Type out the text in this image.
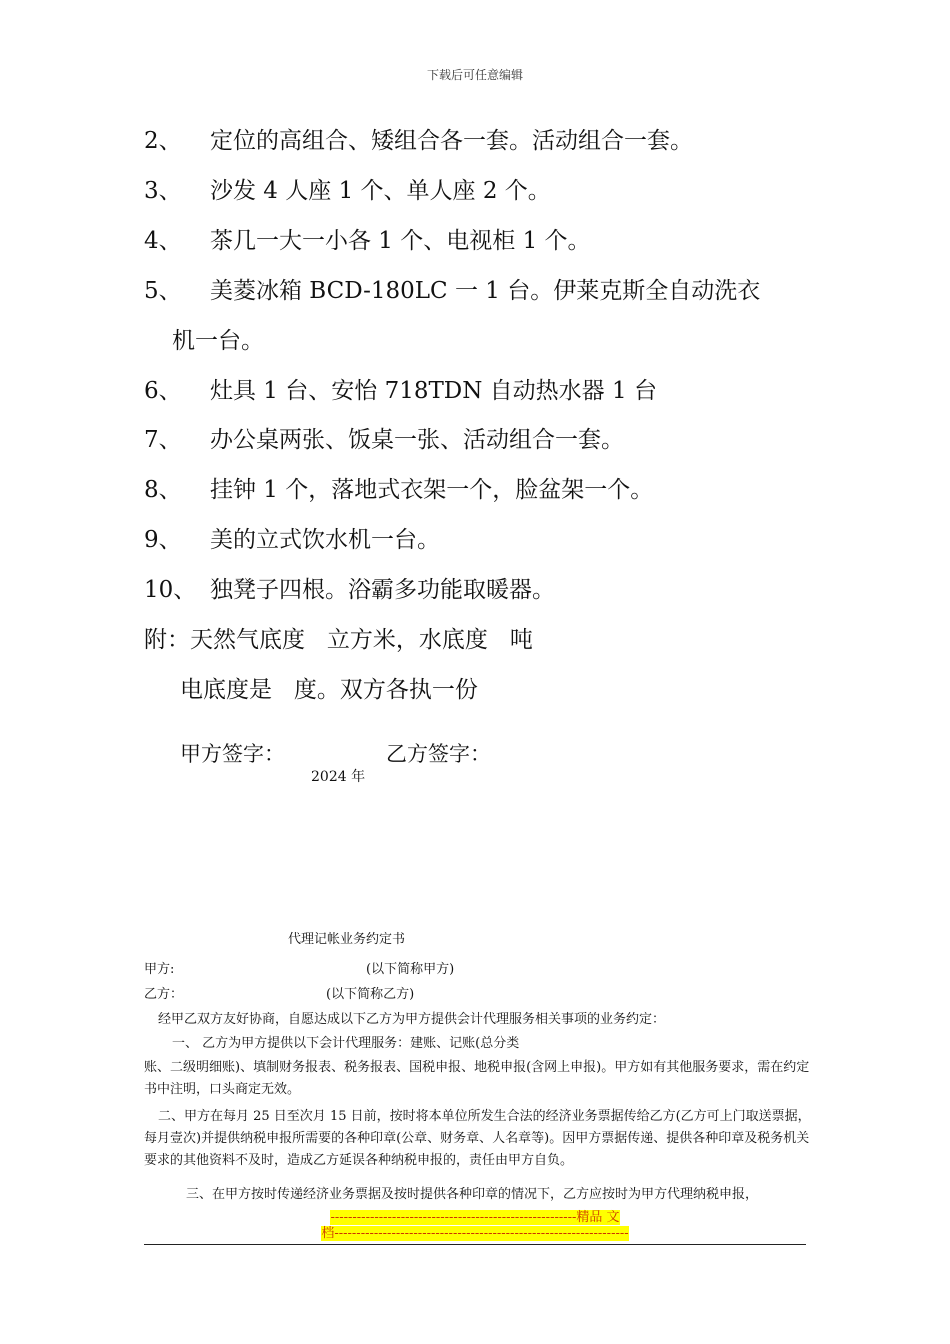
下载后可任意编辑
2、 定位的高组合、矮组合各一套。活动组合一套。
3、 沙发 4 人座 1 个、单人座 2 个。
4、 茶几一大一小各 1 个、电视柜 1 个。
5、 美菱冰箱 BCD-180LC 一 1 台。伊莱克斯全自动洗衣
机一台。
6、 灶具 1 台、安怡 718TDN 自动热水器 1 台
7、 办公桌两张、饭桌一张、活动组合一套。
8、 挂钟 1 个，落地式衣架一个，脸盆架一个。
9、 美的立式饮水机一台。
10、 独凳子四根。浴霸多功能取暖器。
附：天然气底度   立方米，水底度   吨
电底度是   度。双方各执一份
甲方签字：	乙方签字：
2024 年
代理记帐业务约定书
甲方:	(以下简称甲方)
乙方：	(以下简称乙方)
经甲乙双方友好协商，自愿达成以下乙方为甲方提供会计代理服务相关事项的业务约定：
一、 乙方为甲方提供以下会计代理服务：建账、记账(总分类
账、二级明细账)、填制财务报表、税务报表、国税申报、地税申报(含网上申报)。甲方如有其他服务要求，需在约定书中注明，口头商定无效。
二、甲方在每月 25 日至次月 15 日前，按时将本单位所发生合法的经济业务票据传给乙方(乙方可上门取送票据，每月壹次)并提供纳税申报所需要的各种印章(公章、财务章、人名章等)。因甲方票据传递、提供各种印章及税务机关要求的其他资料不及时，造成乙方延误各种纳税申报的，责任由甲方自负。
三、在甲方按时传递经济业务票据及按时提供各种印章的情况下，乙方应按时为甲方代理纳税申报，
--------------------------------------------------------精品 文
档-------------------------------------------------------------------
